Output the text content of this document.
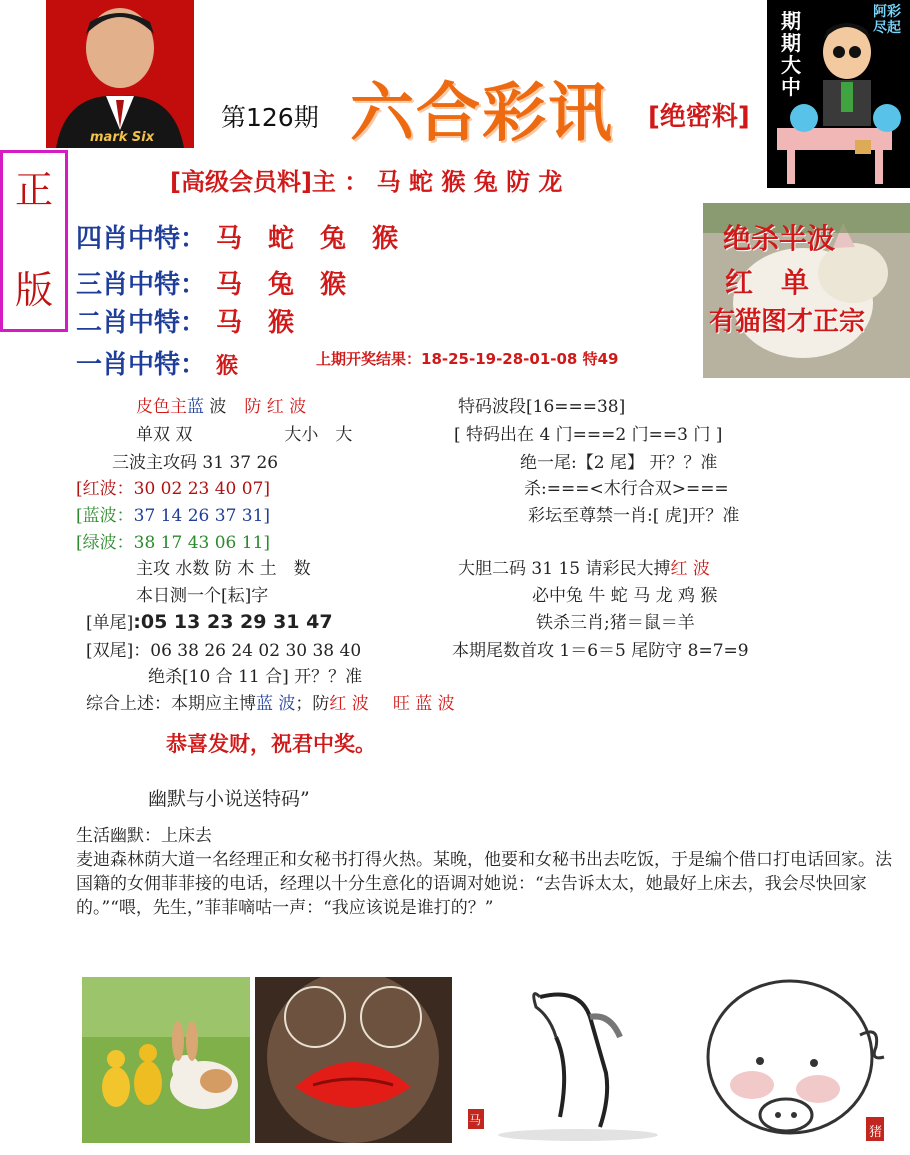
mark Six
第126期 六合彩讯 [绝密料]
期
期
大
中
阿彩尽起
正
版
[高级会员料]主 ： 马 蛇 猴 兔 防 龙
四肖中特： 马　蛇　兔　猴
三肖中特： 马　兔　猴
二肖中特： 马　猴
一肖中特： 猴	上期开奖结果：18-25-19-28-01-08 特49
绝杀半波
红　单
有猫图才正宗
皮色主蓝 波 防 红 波
单双 双	大小　大
三波主攻码 31 37 26
[红波：30 02 23 40 07]
[蓝波：37 14 26 37 31]
[绿波：38 17 43 06 11]
主攻 水数 防 木 土　数
本日测一个[耘]字
[单尾]:05 13 23 29 31 47
[双尾]：06 38 26 24 02 30 38 40
绝杀[10 合 11 合] 开？？准
综合上述：本期应主博蓝 波；防红 波 旺 蓝 波
特码波段[16===38]
[ 特码出在 4 门===2 门==3 门 ]
绝一尾:【2 尾】 开？？准
杀:===<木行合双>===
彩坛至尊禁一肖:[ 虎]开？准
大胆二码 31 15 请彩民大搏红 波
必中兔 牛 蛇 马 龙 鸡 猴
铁杀三肖;猪＝鼠＝羊
本期尾数首攻 1＝6＝5 尾防守 8=7=9
恭喜发财，祝君中奖。
幽默与小说送特码”
生活幽默：上床去
麦迪森林荫大道一名经理正和女秘书打得火热。某晚，他要和女秘书出去吃饭，于是编个借口打电话回家。法国籍的女佣菲菲接的电话，经理以十分生意化的语调对她说：“去告诉太太，她最好上床去，我会尽快回家的。”“喂，先生，”菲菲嘀咕一声：“我应该说是谁打的？”
马
猪
